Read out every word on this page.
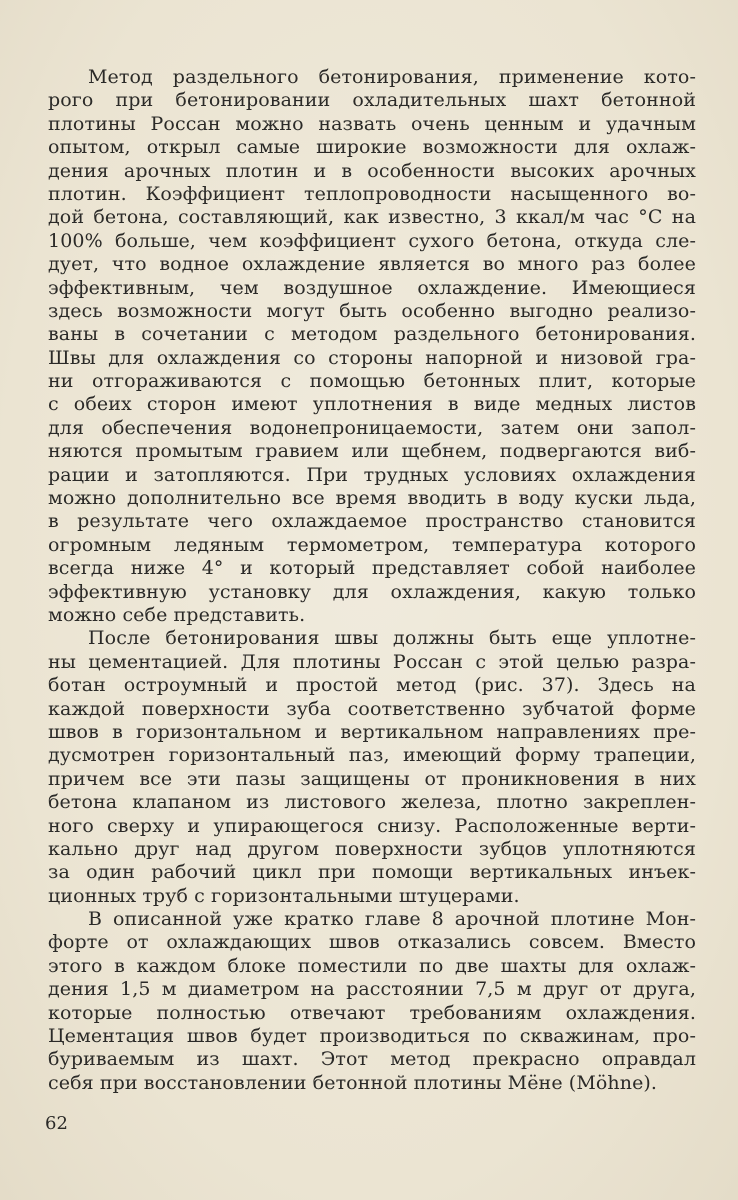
Метод раздельного бетонирования, применение кото-
рого при бетонировании охладительных шахт бетонной
плотины Россан можно назвать очень ценным и удачным
опытом, открыл самые широкие возможности для охлаж-
дения арочных плотин и в особенности высоких арочных
плотин. Коэффициент теплопроводности насыщенного во-
дой бетона, составляющий, как известно, 3 ккал/м час °С на
100% больше, чем коэффициент сухого бетона, откуда сле-
дует, что водное охлаждение является во много раз более
эффективным, чем воздушное охлаждение. Имеющиеся
здесь возможности могут быть особенно выгодно реализо-
ваны в сочетании с методом раздельного бетонирования.
Швы для охлаждения со стороны напорной и низовой гра-
ни отгораживаются с помощью бетонных плит, которые
с обеих сторон имеют уплотнения в виде медных листов
для обеспечения водонепроницаемости, затем они запол-
няются промытым гравием или щебнем, подвергаются виб-
рации и затопляются. При трудных условиях охлаждения
можно дополнительно все время вводить в воду куски льда,
в результате чего охлаждаемое пространство становится
огромным ледяным термометром, температура которого
всегда ниже 4° и который представляет собой наиболее
эффективную установку для охлаждения, какую только
можно себе представить.
После бетонирования швы должны быть еще уплотне-
ны цементацией. Для плотины Россан с этой целью разра-
ботан остроумный и простой метод (рис. 37). Здесь на
каждой поверхности зуба соответственно зубчатой форме
швов в горизонтальном и вертикальном направлениях пре-
дусмотрен горизонтальный паз, имеющий форму трапеции,
причем все эти пазы защищены от проникновения в них
бетона клапаном из листового железа, плотно закреплен-
ного сверху и упирающегося снизу. Расположенные верти-
кально друг над другом поверхности зубцов уплотняются
за один рабочий цикл при помощи вертикальных инъек-
ционных труб с горизонтальными штуцерами.
В описанной уже кратко главе 8 арочной плотине Мон-
форте от охлаждающих швов отказались совсем. Вместо
этого в каждом блоке поместили по две шахты для охлаж-
дения 1,5 м диаметром на расстоянии 7,5 м друг от друга,
которые полностью отвечают требованиям охлаждения.
Цементация швов будет производиться по скважинам, про-
буриваемым из шахт. Этот метод прекрасно оправдал
себя при восстановлении бетонной плотины Мёне (Möhne).
62
